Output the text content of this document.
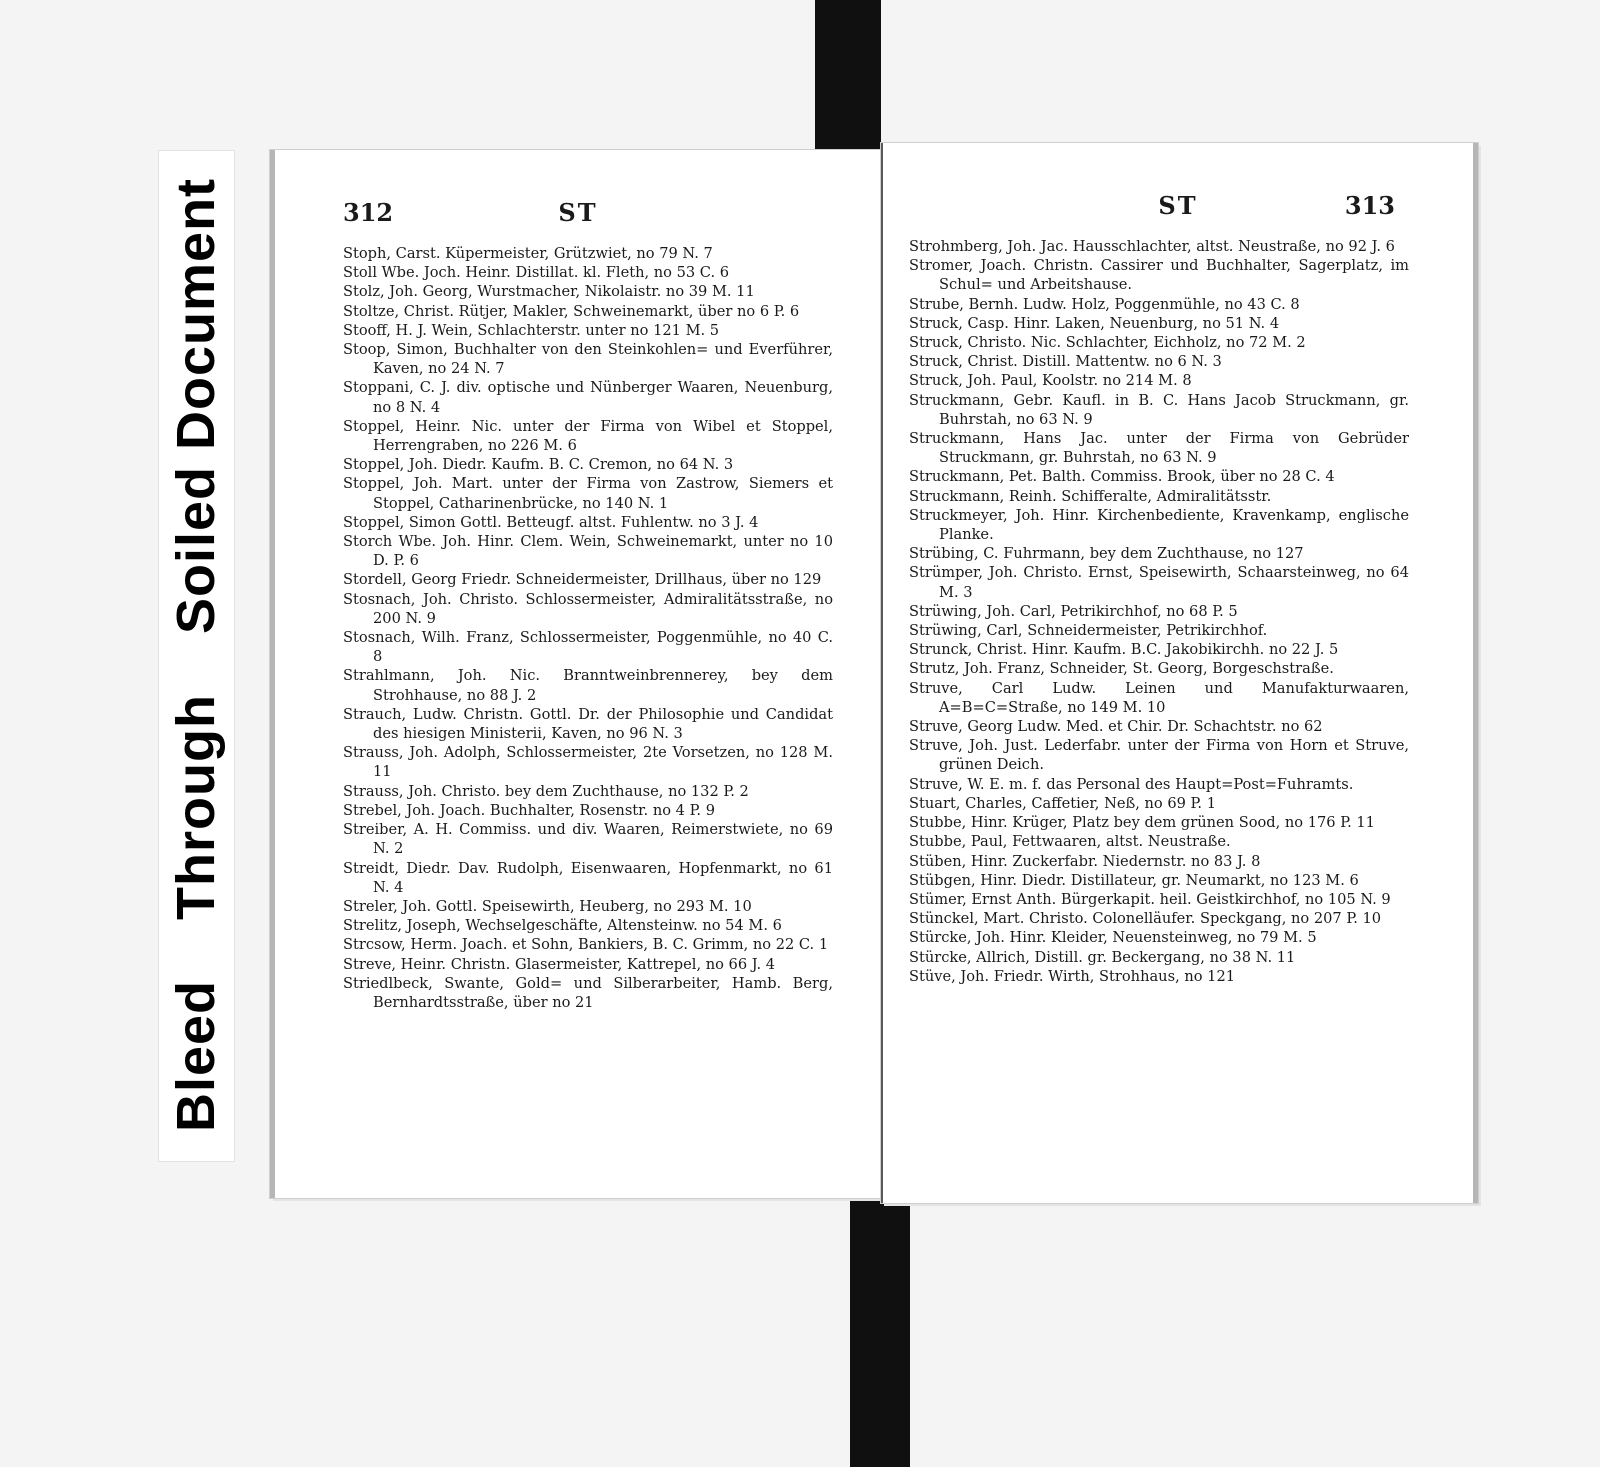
Bleed Through Soiled Document	312	ST

Stoph, Carst. Küpermeister, Grützwiet, no 79 N. 7

Stoll Wbe. Joch. Heinr. Distillat. kl. Fleth, no 53 C. 6

Stolz, Joh. Georg, Wurstmacher, Nikolaistr. no 39 M. 11

Stoltze, Christ. Rütjer, Makler, Schweinemarkt, über no 6 P. 6

Stooff, H. J. Wein, Schlachterstr. unter no 121 M. 5

Stoop, Simon, Buchhalter von den Steinkohlen= und Everführer, Kaven, no 24 N. 7

Stoppani, C. J. div. optische und Nünberger Waaren, Neuenburg, no 8 N. 4

Stoppel, Heinr. Nic. unter der Firma von Wibel et Stoppel, Herrengraben, no 226 M. 6

Stoppel, Joh. Diedr. Kaufm. B. C. Cremon, no 64 N. 3

Stoppel, Joh. Mart. unter der Firma von Zastrow, Siemers et Stoppel, Catharinenbrücke, no 140 N. 1

Stoppel, Simon Gottl. Betteugf. altst. Fuhlentw. no 3 J. 4

Storch Wbe. Joh. Hinr. Clem. Wein, Schweinemarkt, unter no 10 D. P. 6

Stordell, Georg Friedr. Schneidermeister, Drillhaus, über no 129

Stosnach, Joh. Christo. Schlossermeister, Admiralitätsstraße, no 200 N. 9

Stosnach, Wilh. Franz, Schlossermeister, Poggenmühle, no 40 C. 8

Strahlmann, Joh. Nic. Branntweinbrennerey, bey dem Strohhause, no 88 J. 2

Strauch, Ludw. Christn. Gottl. Dr. der Philosophie und Candidat des hiesigen Ministerii, Kaven, no 96 N. 3

Strauss, Joh. Adolph, Schlossermeister, 2te Vorsetzen, no 128 M. 11

Strauss, Joh. Christo. bey dem Zuchthause, no 132 P. 2

Strebel, Joh. Joach. Buchhalter, Rosenstr. no 4 P. 9

Streiber, A. H. Commiss. und div. Waaren, Reimerstwiete, no 69 N. 2

Streidt, Diedr. Dav. Rudolph, Eisenwaaren, Hopfenmarkt, no 61 N. 4

Streler, Joh. Gottl. Speisewirth, Heuberg, no 293 M. 10

Strelitz, Joseph, Wechselgeschäfte, Altensteinw. no 54 M. 6

Strcsow, Herm. Joach. et Sohn, Bankiers, B. C. Grimm, no 22 C. 1

Streve, Heinr. Christn. Glasermeister, Kattrepel, no 66 J. 4

Striedlbeck, Swante, Gold= und Silberarbeiter, Hamb. Berg, Bernhardtsstraße, über no 21

ST	313

Strohmberg, Joh. Jac. Hausschlachter, altst. Neustraße, no 92 J. 6

Stromer, Joach. Christn. Cassirer und Buchhalter, Sagerplatz, im Schul= und Arbeitshause.

Strube, Bernh. Ludw. Holz, Poggenmühle, no 43 C. 8

Struck, Casp. Hinr. Laken, Neuenburg, no 51 N. 4

Struck, Christo. Nic. Schlachter, Eichholz, no 72 M. 2

Struck, Christ. Distill. Mattentw. no 6 N. 3

Struck, Joh. Paul, Koolstr. no 214 M. 8

Struckmann, Gebr. Kaufl. in B. C. Hans Jacob Struckmann, gr. Buhrstah, no 63 N. 9

Struckmann, Hans Jac. unter der Firma von Gebrüder Struckmann, gr. Buhrstah, no 63 N. 9

Struckmann, Pet. Balth. Commiss. Brook, über no 28 C. 4

Struckmann, Reinh. Schifferalte, Admiralitätsstr.

Struckmeyer, Joh. Hinr. Kirchenbediente, Kravenkamp, englische Planke.

Strübing, C. Fuhrmann, bey dem Zuchthause, no 127

Strümper, Joh. Christo. Ernst, Speisewirth, Schaarsteinweg, no 64 M. 3

Strüwing, Joh. Carl, Petrikirchhof, no 68 P. 5

Strüwing, Carl, Schneidermeister, Petrikirchhof.

Strunck, Christ. Hinr. Kaufm. B.C. Jakobikirchh. no 22 J. 5

Strutz, Joh. Franz, Schneider, St. Georg, Borgeschstraße.

Struve, Carl Ludw. Leinen und Manufakturwaaren, A=B=C=Straße, no 149 M. 10

Struve, Georg Ludw. Med. et Chir. Dr. Schachtstr. no 62

Struve, Joh. Just. Lederfabr. unter der Firma von Horn et Struve, grünen Deich.

Struve, W. E. m. f. das Personal des Haupt=Post=Fuhramts.

Stuart, Charles, Caffetier, Neß, no 69 P. 1

Stubbe, Hinr. Krüger, Platz bey dem grünen Sood, no 176 P. 11

Stubbe, Paul, Fettwaaren, altst. Neustraße.

Stüben, Hinr. Zuckerfabr. Niedernstr. no 83 J. 8

Stübgen, Hinr. Diedr. Distillateur, gr. Neumarkt, no 123 M. 6

Stümer, Ernst Anth. Bürgerkapit. heil. Geistkirchhof, no 105 N. 9

Stünckel, Mart. Christo. Colonelläufer. Speckgang, no 207 P. 10

Stürcke, Joh. Hinr. Kleider, Neuensteinweg, no 79 M. 5

Stürcke, Allrich, Distill. gr. Beckergang, no 38 N. 11

Stüve, Joh. Friedr. Wirth, Strohhaus, no 121
